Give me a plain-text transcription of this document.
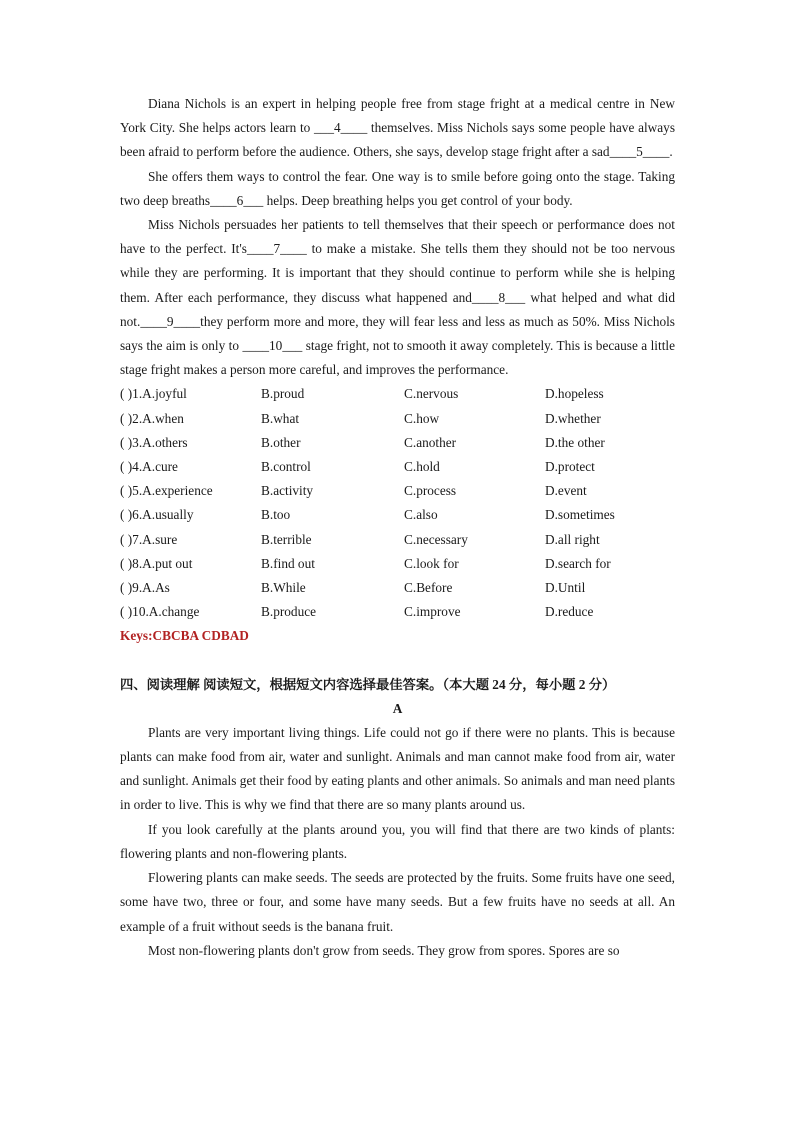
Diana Nichols is an expert in helping people free from stage fright at a medical centre in New York City. She helps actors learn to ___4____ themselves. Miss Nichols says some people have always been afraid to perform before the audience. Others, she says, develop stage fright after a sad____5____.

She offers them ways to control the fear. One way is to smile before going onto the stage. Taking two deep breaths____6___ helps. Deep breathing helps you get control of your body.

Miss Nichols persuades her patients to tell themselves that their speech or performance does not have to the perfect. It's____7____ to make a mistake. She tells them they should not be too nervous while they are performing. It is important that they should continue to perform while she is helping them. After each performance, they discuss what happened and____8___ what helped and what did not.____9____they perform more and more, they will fear less and less as much as 50%. Miss Nichols says the aim is only to ____10___ stage fright, not to smooth it away completely. This is because a little stage fright makes a person more careful, and improves the performance.

( )1.A.joyful	B.proud	C.nervous	D.hopeless
( )2.A.when	B.what	C.how	D.whether
( )3.A.others	B.other	C.another	D.the other
( )4.A.cure	B.control	C.hold	D.protect
( )5.A.experience	B.activity	C.process	D.event
( )6.A.usually	B.too	C.also	D.sometimes
( )7.A.sure	B.terrible	C.necessary	D.all right
( )8.A.put out	B.find out	C.look for	D.search for
( )9.A.As	B.While	C.Before	D.Until
( )10.A.change	B.produce	C.improve	D.reduce

Keys:CBCBA CDBAD

四、阅读理解 阅读短文，根据短文内容选择最佳答案。（本大题 24 分，每小题 2 分）

A

Plants are very important living things. Life could not go if there were no plants. This is because plants can make food from air, water and sunlight. Animals and man cannot make food from air, water and sunlight. Animals get their food by eating plants and other animals. So animals and man need plants in order to live. This is why we find that there are so many plants around us.

If you look carefully at the plants around you, you will find that there are two kinds of plants: flowering plants and non-flowering plants.

Flowering plants can make seeds. The seeds are protected by the fruits. Some fruits have one seed, some have two, three or four, and some have many seeds. But a few fruits have no seeds at all. An example of a fruit without seeds is the banana fruit.

Most non-flowering plants don't grow from seeds. They grow from spores. Spores are so
